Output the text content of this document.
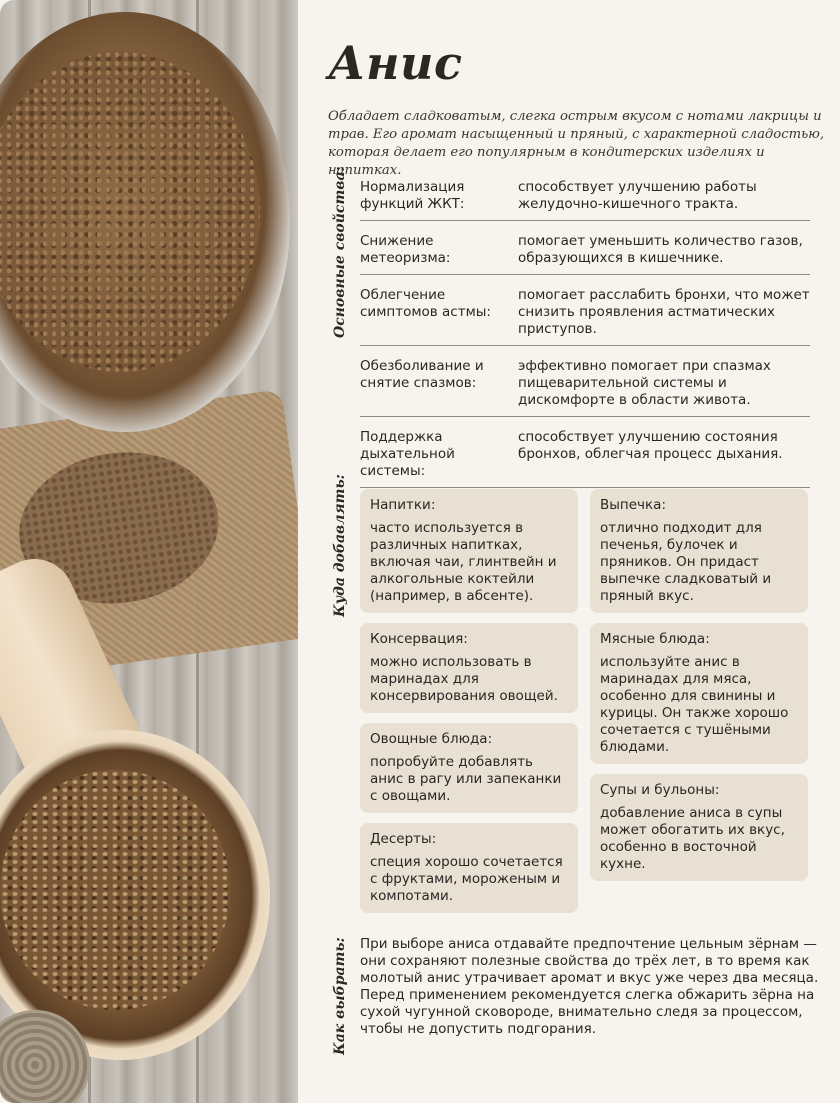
Анис
Обладает сладковатым, слегка острым вкусом с нотами лакрицы и трав. Его аромат насыщенный и пряный, с характерной сладостью, которая делает его популярным в кондитерских изделиях и напитках.
Основные свойства: Нормализация функций ЖКТ:
способствует улучшению работы желудочно-кишечного тракта.
Снижение метеоризма:
помогает уменьшить количество газов, образующихся в кишечнике.
Облегчение симптомов астмы:
помогает расслабить бронхи, что может снизить проявления астматических приступов.
Обезболивание и снятие спазмов:
эффективно помогает при спазмах пищеварительной системы и дискомфорте в области живота.
Поддержка дыхательной системы:
способствует улучшению состояния бронхов, облегчая процесс дыхания.
Куда добавлять: Напитки:
часто используется в различных напитках, включая чаи, глинтвейн и алкогольные коктейли (например, в абсенте).
Консервация:
можно использовать в маринадах для консервирования овощей.
Овощные блюда:
попробуйте добавлять анис в рагу или запеканки с овощами.
Десерты:
специя хорошо сочетается с фруктами, мороженым и компотами.
Выпечка:
отлично подходит для печенья, булочек и пряников. Он придаст выпечке сладковатый и пряный вкус.
Мясные блюда:
используйте анис в маринадах для мяса, особенно для свинины и курицы. Он также хорошо сочетается с тушёными блюдами.
Супы и бульоны:
добавление аниса в супы может обогатить их вкус, особенно в восточной кухне.
Как выбрать: При выборе аниса отдавайте предпочтение цельным зёрнам — они сохраняют полезные свойства до трёх лет, в то время как молотый анис утрачивает аромат и вкус уже через два месяца. Перед применением рекомендуется слегка обжарить зёрна на сухой чугунной сковороде, внимательно следя за процессом, чтобы не допустить подгорания.
